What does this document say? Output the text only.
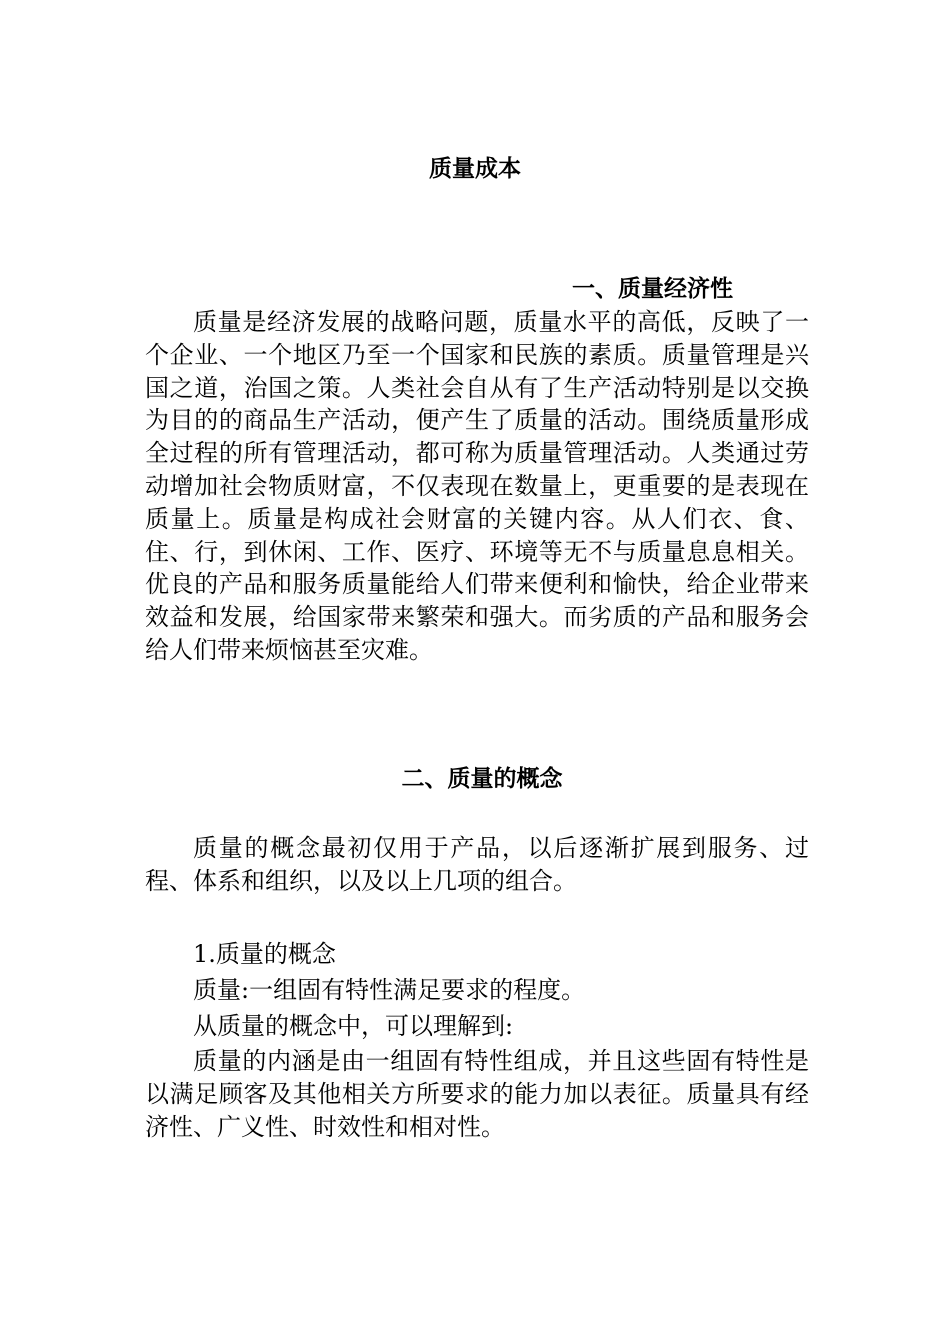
质量成本
一、质量经济性

质量是经济发展的战略问题，质量水平的高低，反映了一个企业、一个地区乃至一个国家和民族的素质。质量管理是兴国之道，治国之策。人类社会自从有了生产活动特别是以交换为目的的商品生产活动，便产生了质量的活动。围绕质量形成全过程的所有管理活动，都可称为质量管理活动。人类通过劳动增加社会物质财富，不仅表现在数量上，更重要的是表现在质量上。质量是构成社会财富的关键内容。从人们衣、食、住、行，到休闲、工作、医疗、环境等无不与质量息息相关。优良的产品和服务质量能给人们带来便利和愉快，给企业带来效益和发展，给国家带来繁荣和强大。而劣质的产品和服务会给人们带来烦恼甚至灾难。

二、质量的概念

质量的概念最初仅用于产品，以后逐渐扩展到服务、过程、体系和组织，以及以上几项的组合。

1.质量的概念

质量:一组固有特性满足要求的程度。

从质量的概念中，可以理解到:

质量的内涵是由一组固有特性组成，并且这些固有特性是以满足顾客及其他相关方所要求的能力加以表征。质量具有经济性、广义性、时效性和相对性。
